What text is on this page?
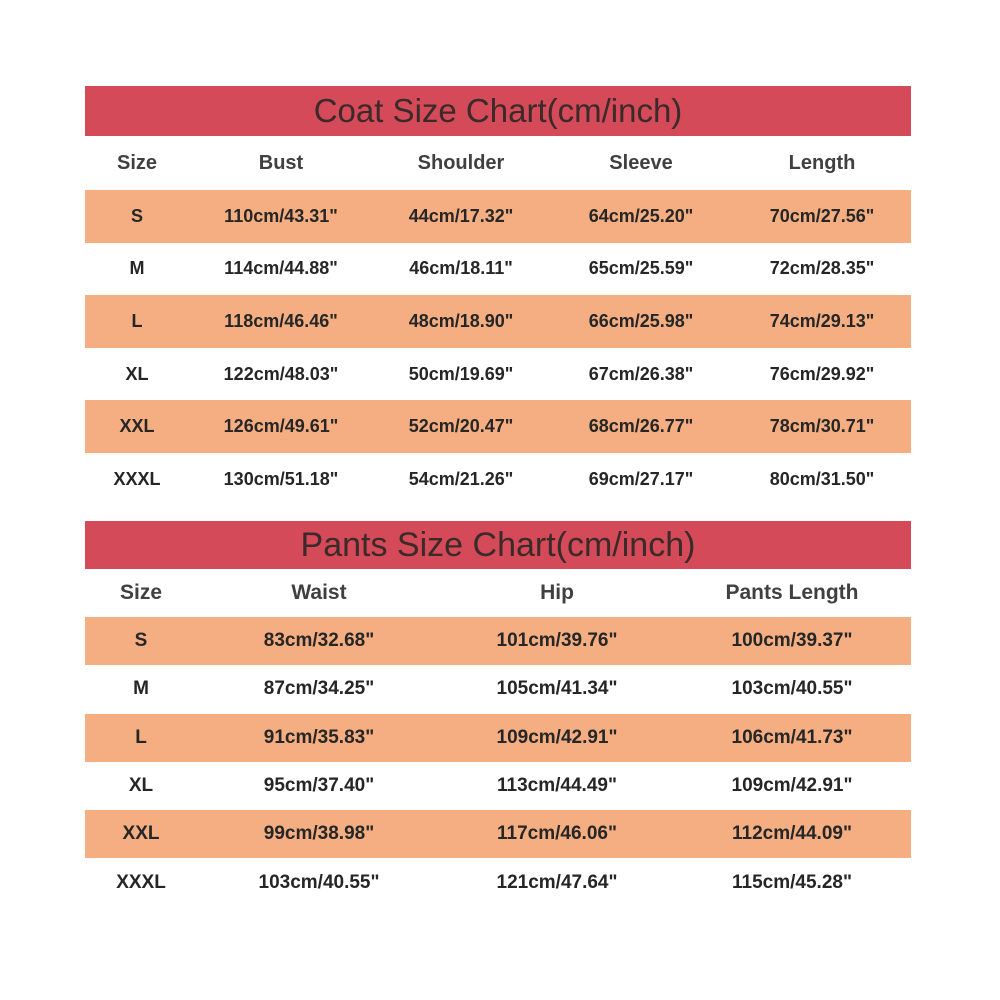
Coat Size Chart(cm/inch)
Size	Bust	Shoulder	Sleeve	Length
S	110cm/43.31"	44cm/17.32"	64cm/25.20"	70cm/27.56"
M	114cm/44.88"	46cm/18.11"	65cm/25.59"	72cm/28.35"
L	118cm/46.46"	48cm/18.90"	66cm/25.98"	74cm/29.13"
XL	122cm/48.03"	50cm/19.69"	67cm/26.38"	76cm/29.92"
XXL	126cm/49.61"	52cm/20.47"	68cm/26.77"	78cm/30.71"
XXXL	130cm/51.18"	54cm/21.26"	69cm/27.17"	80cm/31.50"
Pants Size Chart(cm/inch)
Size	Waist	Hip	Pants Length
S	83cm/32.68"	101cm/39.76"	100cm/39.37"
M	87cm/34.25"	105cm/41.34"	103cm/40.55"
L	91cm/35.83"	109cm/42.91"	106cm/41.73"
XL	95cm/37.40"	113cm/44.49"	109cm/42.91"
XXL	99cm/38.98"	117cm/46.06"	112cm/44.09"
XXXL	103cm/40.55"	121cm/47.64"	115cm/45.28"
